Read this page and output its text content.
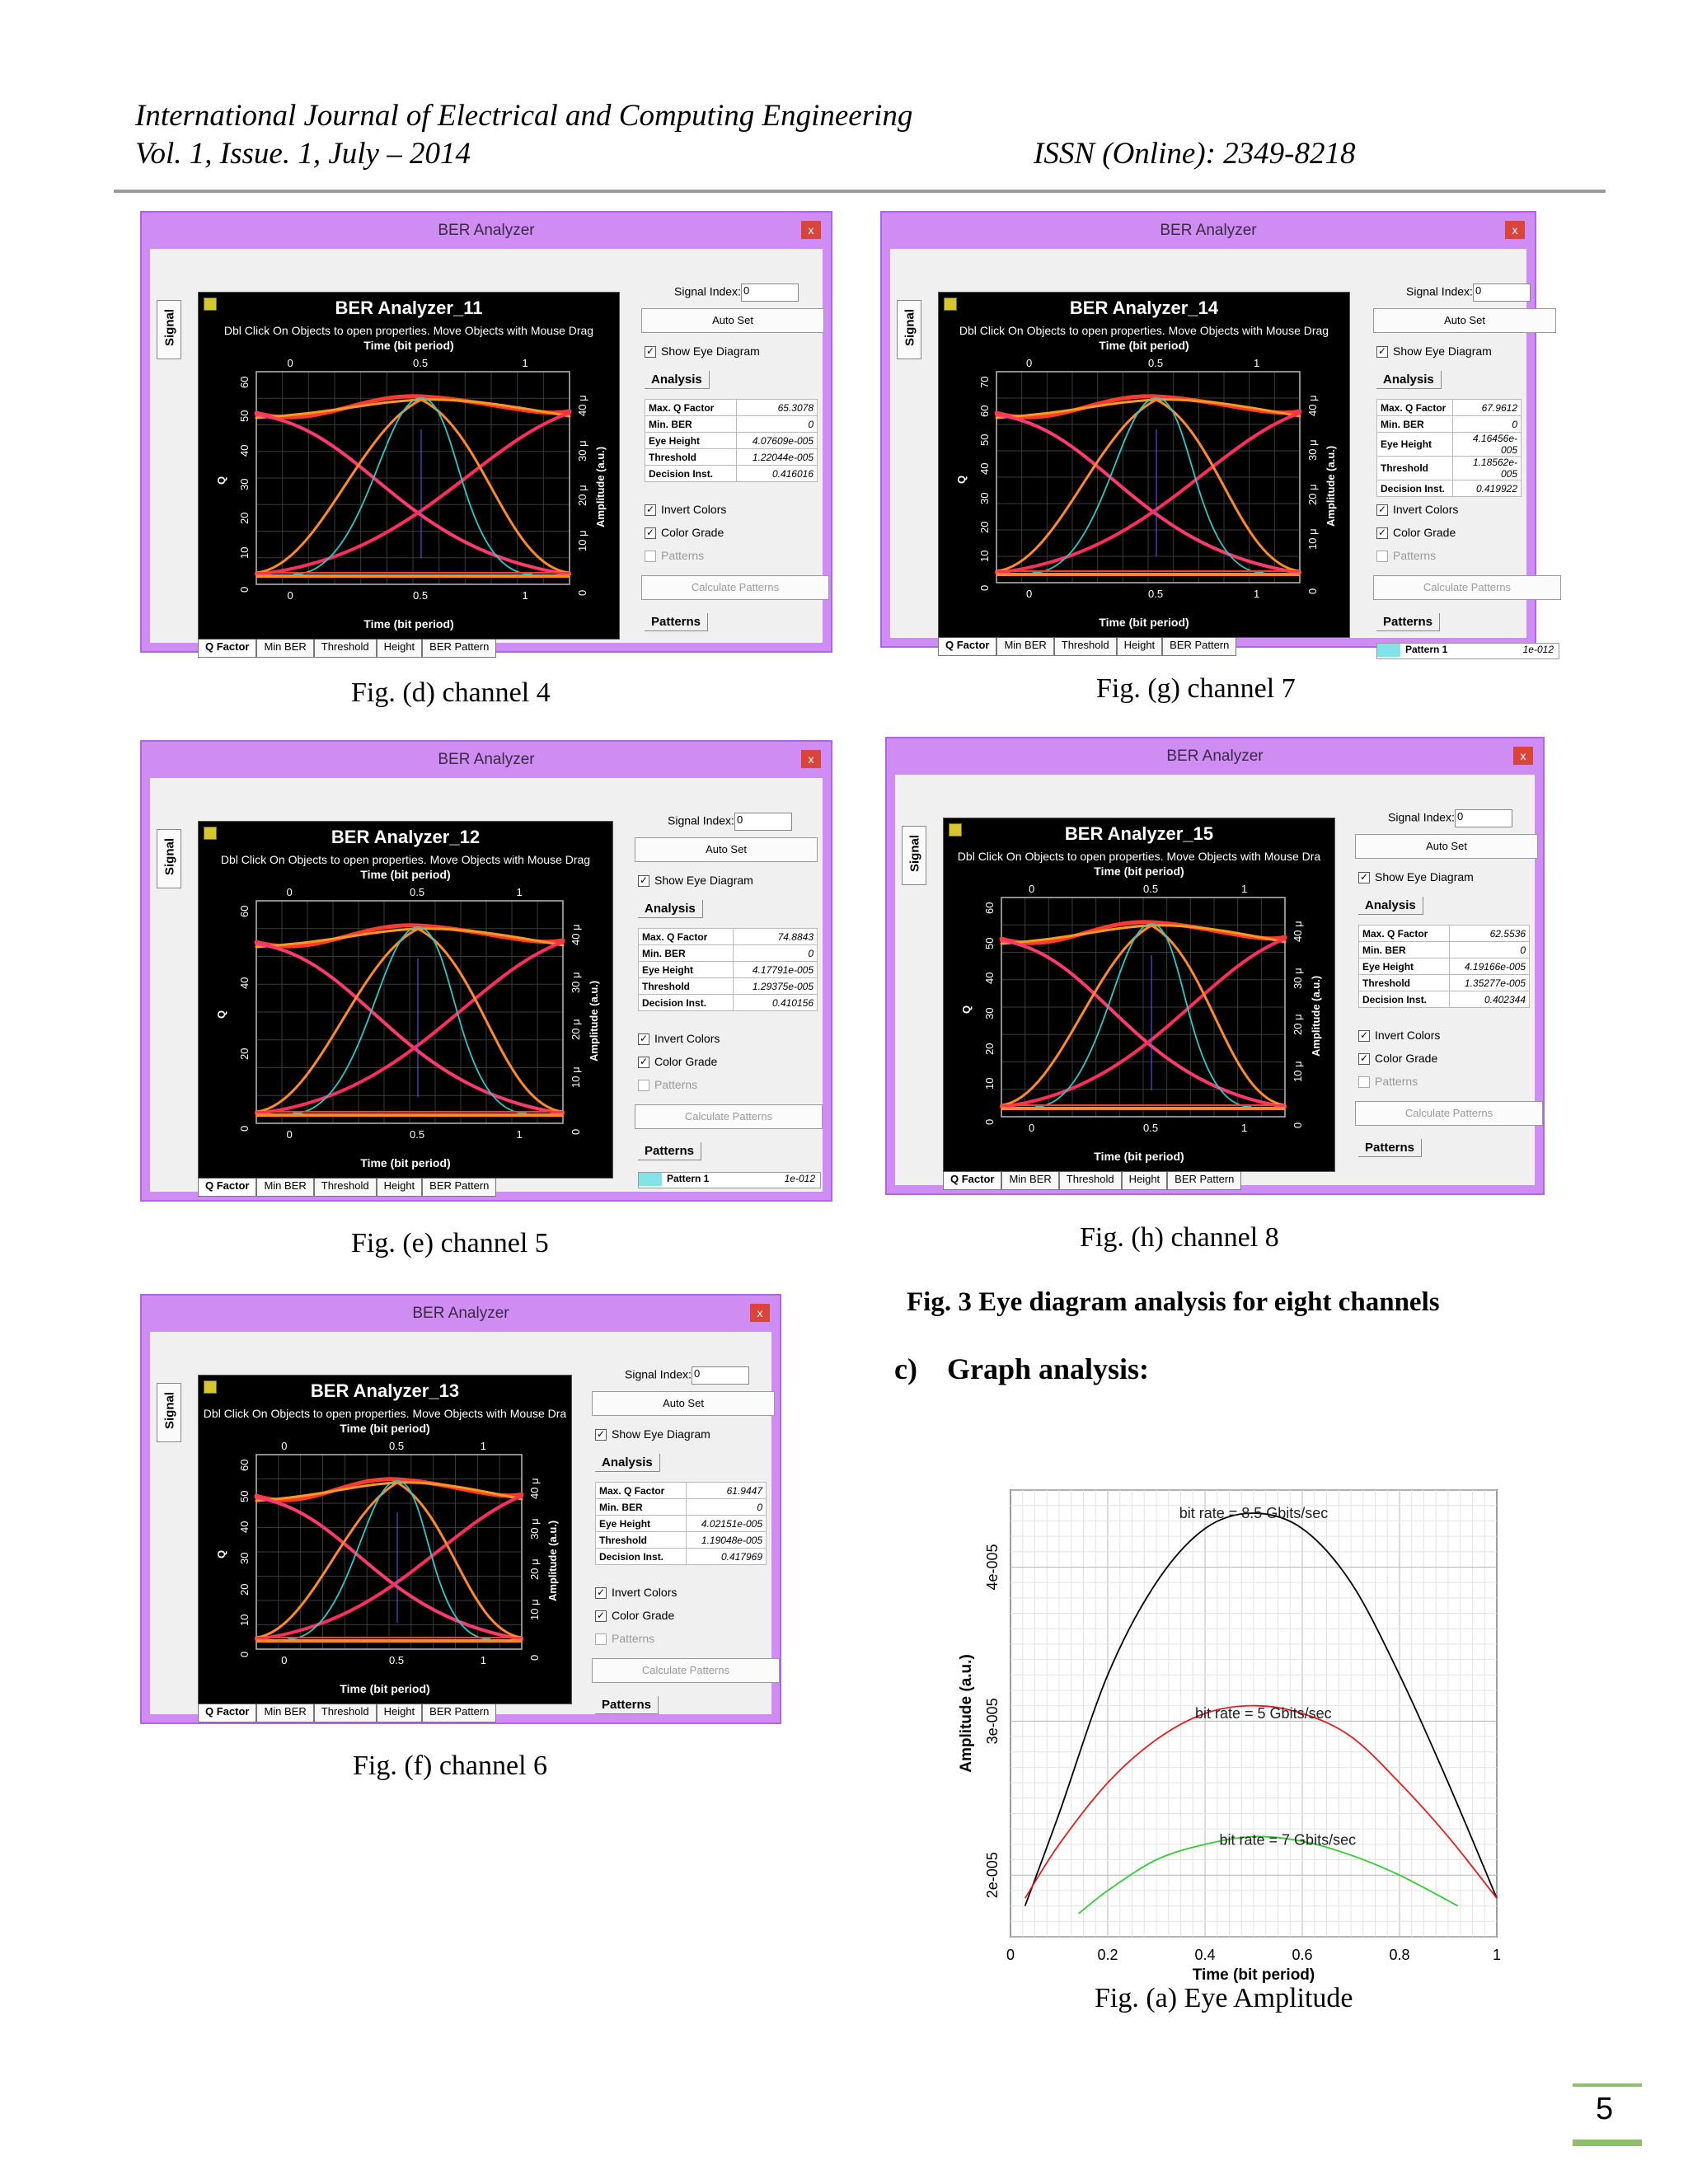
International Journal of Electrical and Computing Engineering
Vol. 1, Issue. 1, July – 2014	ISSN (Online): 2349-8218
BER Analyzer	x
Signal
BER Analyzer_11
Dbl Click On Objects to open properties. Move Objects with Mouse Drag
Time (bit period)
Time (bit period)
0
0
0.5
0.5
1
1
60
50
40
30
20
10
0
Q
40 μ
30 μ
20 μ
10 μ
0
Amplitude (a.u.)
Q Factor	Min BER	Threshold	Height	BER Pattern
Signal Index: 0
Auto Set
✓ Show Eye Diagram
Analysis
Max. Q Factor	65.3078
Min. BER	0
Eye Height	4.07609e-005
Threshold	1.22044e-005
Decision Inst.	0.416016
✓ Invert Colors
✓ Color Grade
Patterns
Calculate Patterns
Patterns
BER Analyzer	x
Signal
BER Analyzer_14
Dbl Click On Objects to open properties. Move Objects with Mouse Drag
Time (bit period)
Time (bit period)
0
0
0.5
0.5
1
1
70
60
50
40
30
20
10
0
Q
40 μ
30 μ
20 μ
10 μ
0
Amplitude (a.u.)
Q Factor	Min BER	Threshold	Height	BER Pattern
Signal Index: 0
Auto Set
✓ Show Eye Diagram
Analysis
Max. Q Factor	67.9612
Min. BER	0
Eye Height	4.16456e-005
Threshold	1.18562e-005
Decision Inst.	0.419922
✓ Invert Colors
✓ Color Grade
Patterns
Calculate Patterns
Patterns
Pattern 1	1e-012
BER Analyzer	x
Signal
BER Analyzer_12
Dbl Click On Objects to open properties. Move Objects with Mouse Drag
Time (bit period)
Time (bit period)
0
0
0.5
0.5
1
1
60
40
20
0
Q
40 μ
30 μ
20 μ
10 μ
0
Amplitude (a.u.)
Q Factor	Min BER	Threshold	Height	BER Pattern
Signal Index: 0
Auto Set
✓ Show Eye Diagram
Analysis
Max. Q Factor	74.8843
Min. BER	0
Eye Height	4.17791e-005
Threshold	1.29375e-005
Decision Inst.	0.410156
✓ Invert Colors
✓ Color Grade
Patterns
Calculate Patterns
Patterns
Pattern 1	1e-012
BER Analyzer	x
Signal
BER Analyzer_15
Dbl Click On Objects to open properties. Move Objects with Mouse Dra
Time (bit period)
Time (bit period)
0
0
0.5
0.5
1
1
60
50
40
30
20
10
0
Q
40 μ
30 μ
20 μ
10 μ
0
Amplitude (a.u.)
Q Factor	Min BER	Threshold	Height	BER Pattern
Signal Index: 0
Auto Set
✓ Show Eye Diagram
Analysis
Max. Q Factor	62.5536
Min. BER	0
Eye Height	4.19166e-005
Threshold	1.35277e-005
Decision Inst.	0.402344
✓ Invert Colors
✓ Color Grade
Patterns
Calculate Patterns
Patterns
BER Analyzer	x
Signal
BER Analyzer_13
Dbl Click On Objects to open properties. Move Objects with Mouse Dra
Time (bit period)
Time (bit period)
0
0
0.5
0.5
1
1
60
50
40
30
20
10
0
Q
40 μ
30 μ
20 μ
10 μ
0
Amplitude (a.u.)
Q Factor	Min BER	Threshold	Height	BER Pattern
Signal Index: 0
Auto Set
✓ Show Eye Diagram
Analysis
Max. Q Factor	61.9447
Min. BER	0
Eye Height	4.02151e-005
Threshold	1.19048e-005
Decision Inst.	0.417969
✓ Invert Colors
✓ Color Grade
Patterns
Calculate Patterns
Patterns
Fig. (d) channel 4	Fig. (g) channel 7
Fig. (e) channel 5	Fig. (h) channel 8
Fig. (f) channel 6
Fig. 3 Eye diagram analysis for eight channels
c)    Graph analysis:
0	0.2	0.4	0.6	0.8	1
2e-005
3e-005
4e-005
Time (bit period)
Amplitude (a.u.)
bit rate = 8.5 Gbits/sec
bit rate = 5 Gbits/sec
bit rate = 7 Gbits/sec
Fig. (a) Eye Amplitude
5
